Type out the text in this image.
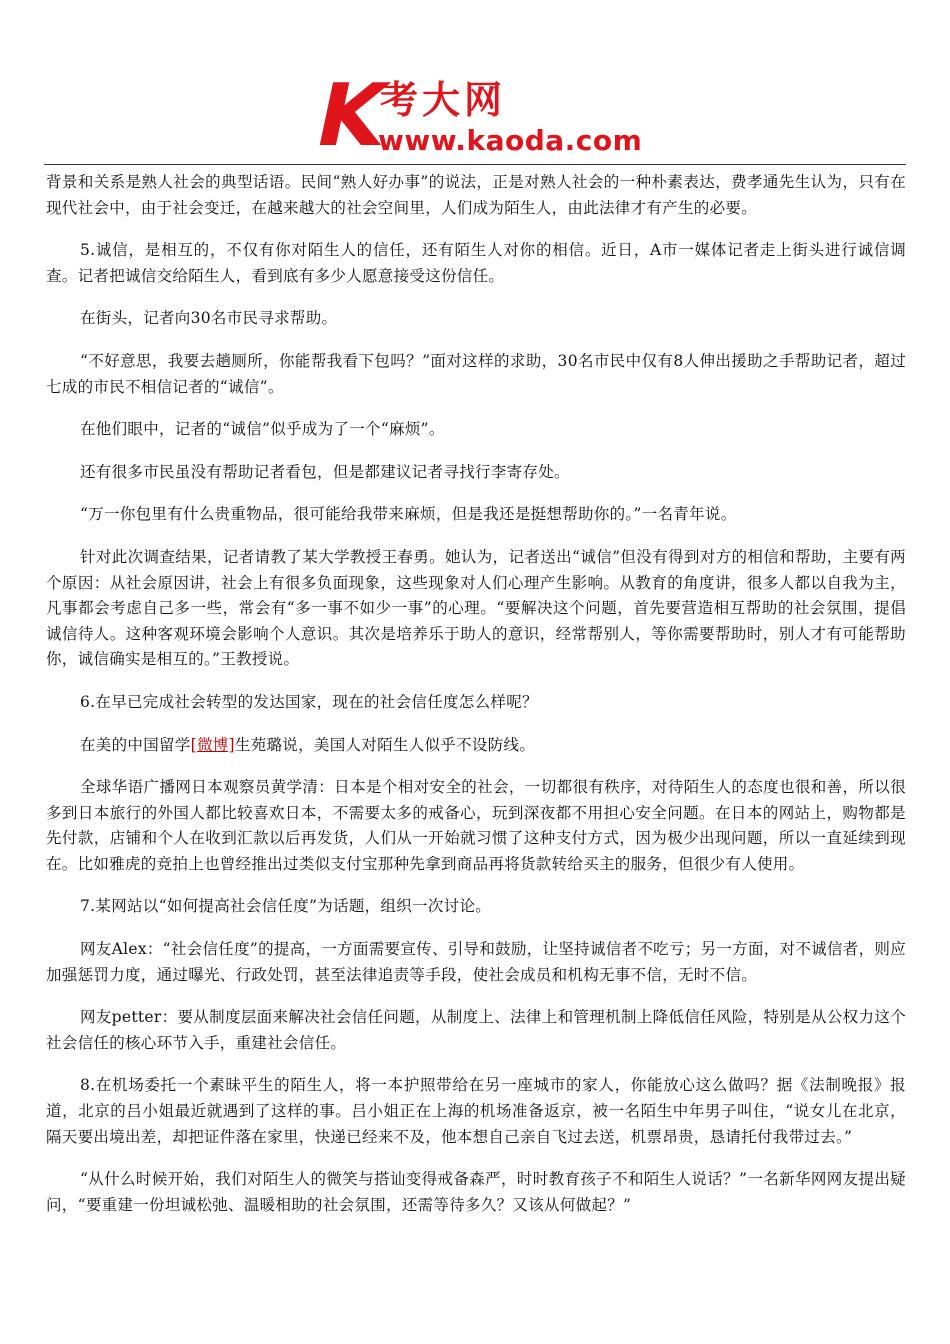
K
考大网
www.kaoda.com

背景和关系是熟人社会的典型话语。民间“熟人好办事”的说法，正是对熟人社会的一种朴素表达，费孝通先生认为，只有在现代社会中，由于社会变迁，在越来越大的社会空间里，人们成为陌生人，由此法律才有产生的必要。

5.诚信，是相互的，不仅有你对陌生人的信任，还有陌生人对你的相信。近日，A市一媒体记者走上街头进行诚信调查。记者把诚信交给陌生人，看到底有多少人愿意接受这份信任。

在街头，记者向30名市民寻求帮助。

“不好意思，我要去趟厕所，你能帮我看下包吗？”面对这样的求助，30名市民中仅有8人伸出援助之手帮助记者，超过七成的市民不相信记者的“诚信”。

在他们眼中，记者的“诚信”似乎成为了一个“麻烦”。

还有很多市民虽没有帮助记者看包，但是都建议记者寻找行李寄存处。

“万一你包里有什么贵重物品，很可能给我带来麻烦，但是我还是挺想帮助你的。”一名青年说。

针对此次调查结果，记者请教了某大学教授王春勇。她认为，记者送出“诚信”但没有得到对方的相信和帮助，主要有两个原因：从社会原因讲，社会上有很多负面现象，这些现象对人们心理产生影响。从教育的角度讲，很多人都以自我为主，凡事都会考虑自己多一些，常会有“多一事不如少一事”的心理。“要解决这个问题，首先要营造相互帮助的社会氛围，提倡诚信待人。这种客观环境会影响个人意识。其次是培养乐于助人的意识，经常帮别人，等你需要帮助时，别人才有可能帮助你，诚信确实是相互的。”王教授说。

6.在早已完成社会转型的发达国家，现在的社会信任度怎么样呢？

在美的中国留学[微博]生苑璐说，美国人对陌生人似乎不设防线。

全球华语广播网日本观察员黄学清：日本是个相对安全的社会，一切都很有秩序，对待陌生人的态度也很和善，所以很多到日本旅行的外国人都比较喜欢日本，不需要太多的戒备心，玩到深夜都不用担心安全问题。在日本的网站上，购物都是先付款，店铺和个人在收到汇款以后再发货，人们从一开始就习惯了这种支付方式，因为极少出现问题，所以一直延续到现在。比如雅虎的竞拍上也曾经推出过类似支付宝那种先拿到商品再将货款转给买主的服务，但很少有人使用。

7.某网站以“如何提高社会信任度”为话题，组织一次讨论。

网友Alex：“社会信任度”的提高，一方面需要宣传、引导和鼓励，让坚持诚信者不吃亏；另一方面，对不诚信者，则应加强惩罚力度，通过曝光、行政处罚，甚至法律追责等手段，使社会成员和机构无事不信，无时不信。

网友petter：要从制度层面来解决社会信任问题，从制度上、法律上和管理机制上降低信任风险，特别是从公权力这个社会信任的核心环节入手，重建社会信任。

8.在机场委托一个素昧平生的陌生人，将一本护照带给在另一座城市的家人，你能放心这么做吗？据《法制晚报》报道，北京的吕小姐最近就遇到了这样的事。吕小姐正在上海的机场准备返京，被一名陌生中年男子叫住，“说女儿在北京，隔天要出境出差，却把证件落在家里，快递已经来不及，他本想自己亲自飞过去送，机票昂贵，恳请托付我带过去。”

“从什么时候开始，我们对陌生人的微笑与搭讪变得戒备森严，时时教育孩子不和陌生人说话？”一名新华网网友提出疑问，“要重建一份坦诚松弛、温暖相助的社会氛围，还需等待多久？又该从何做起？”
